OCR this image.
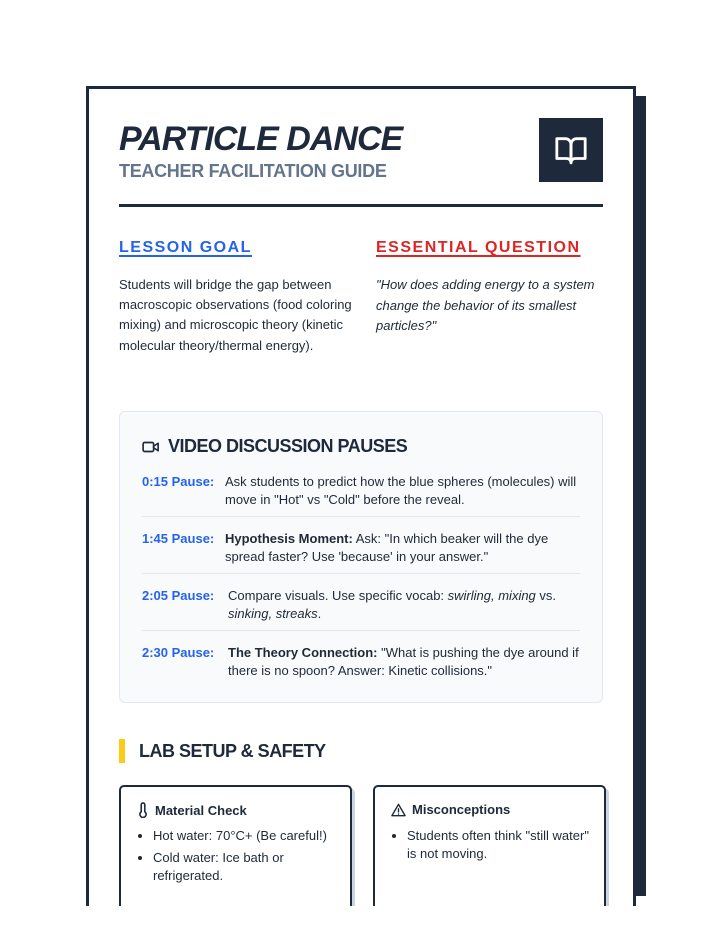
PARTICLE DANCE
TEACHER FACILITATION GUIDE
LESSON GOAL

Students will bridge the gap between macroscopic observations (food coloring mixing) and microscopic theory (kinetic molecular theory/thermal energy).

ESSENTIAL QUESTION

"How does adding energy to a system change the behavior of its smallest particles?"

VIDEO DISCUSSION PAUSES
0:15 Pause: Ask students to predict how the blue spheres (molecules) will move in "Hot" vs "Cold" before the reveal.
1:45 Pause: Hypothesis Moment: Ask: "In which beaker will the dye spread faster? Use 'because' in your answer."
2:05 Pause:	Compare visuals. Use specific vocab: swirling, mixing vs. sinking, streaks.
2:30 Pause:	The Theory Connection: "What is pushing the dye around if there is no spoon? Answer: Kinetic collisions."
LAB SETUP & SAFETY
Material Check
• Hot water: 70°C+ (Be careful!)
• Cold water: Ice bath or refrigerated.
Misconceptions
• Students often think "still water" is not moving.
